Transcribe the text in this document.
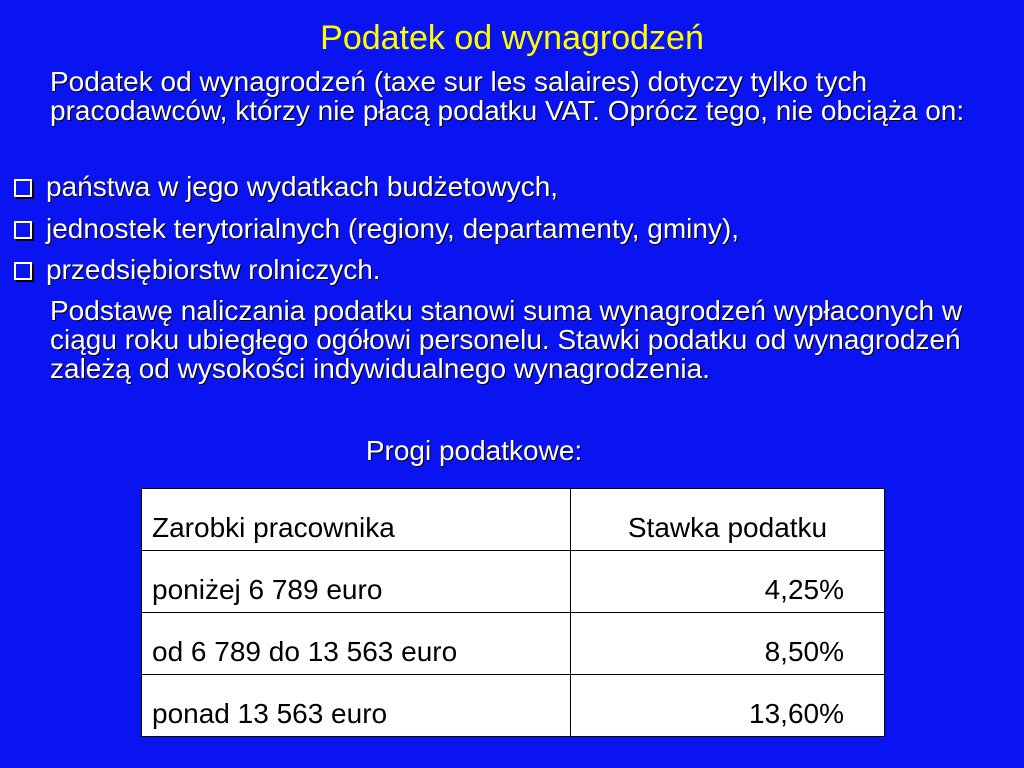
Podatek od wynagrodzeń

Podatek od wynagrodzeń (taxe sur les salaires) dotyczy tylko tych pracodawców, którzy nie płacą podatku VAT. Oprócz tego, nie obciąża on:

państwa w jego wydatkach budżetowych,
jednostek terytorialnych (regiony, departamenty, gminy),
przedsiębiorstw rolniczych.

Podstawę naliczania podatku stanowi suma wynagrodzeń wypłaconych w ciągu roku ubiegłego ogółowi personelu. Stawki podatku od wynagrodzeń zależą od wysokości indywidualnego wynagrodzenia.

Progi podatkowe:
Zarobki pracownika	Stawka podatku
poniżej 6 789 euro	4,25%
od 6 789 do 13 563 euro	8,50%
ponad 13 563 euro	13,60%
